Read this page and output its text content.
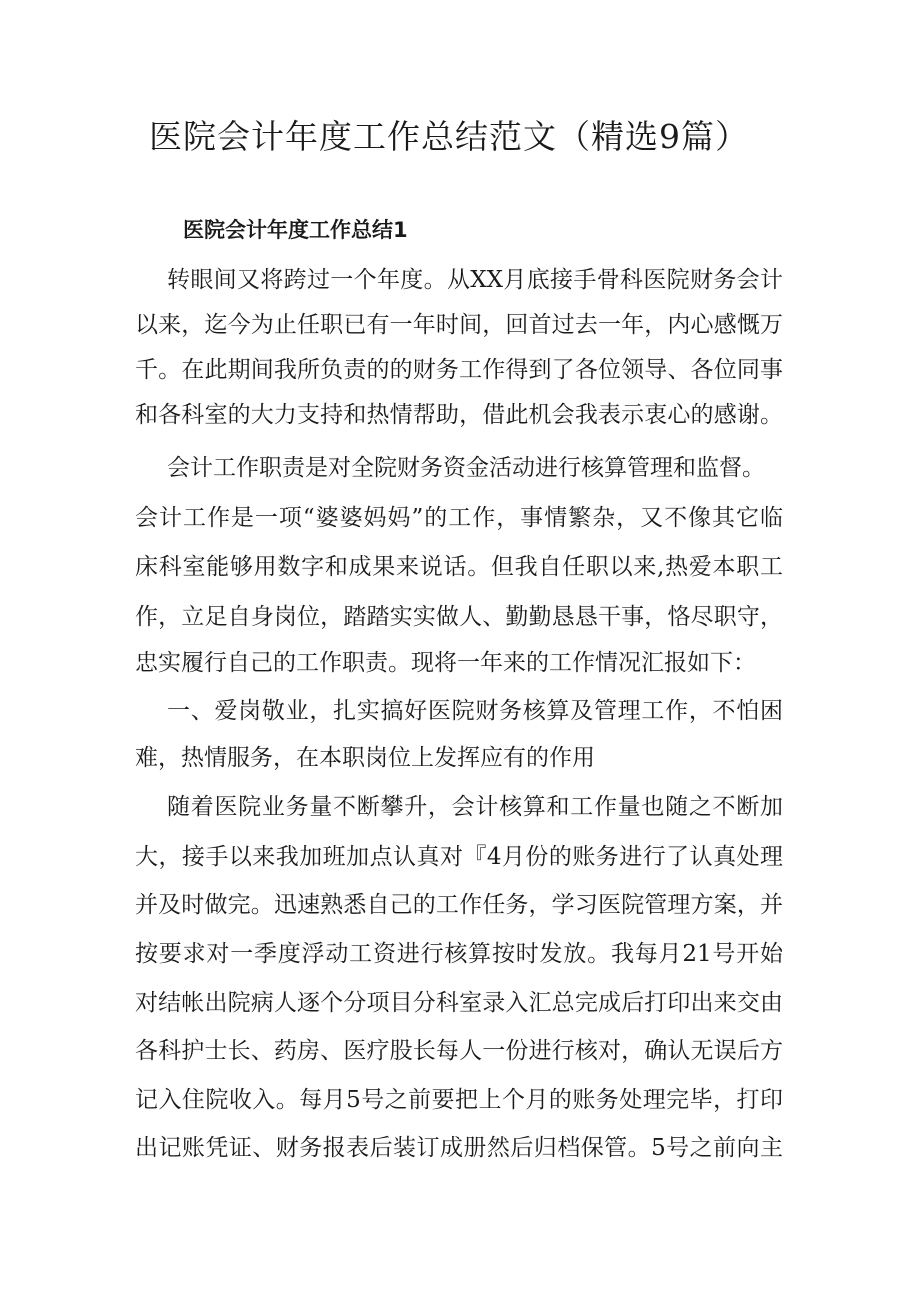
医院会计年度工作总结范文（精选9篇）
医院会计年度工作总结1

转眼间又将跨过一个年度。从XX月底接手骨科医院财务会计

以来，迄今为止任职已有一年时间，回首过去一年，内心感慨万

千。在此期间我所负责的的财务工作得到了各位领导、各位同事

和各科室的大力支持和热情帮助，借此机会我表示衷心的感谢。

会计工作职责是对全院财务资金活动进行核算管理和监督。

会计工作是一项“婆婆妈妈”的工作，事情繁杂，又不像其它临

床科室能够用数字和成果来说话。但我自任职以来,热爱本职工

作，立足自身岗位，踏踏实实做人、勤勤恳恳干事，恪尽职守，

忠实履行自己的工作职责。现将一年来的工作情况汇报如下：

一、爱岗敬业，扎实搞好医院财务核算及管理工作，不怕困

难，热情服务，在本职岗位上发挥应有的作用

随着医院业务量不断攀升，会计核算和工作量也随之不断加

大，接手以来我加班加点认真对『4月份的账务进行了认真处理

并及时做完。迅速熟悉自己的工作任务，学习医院管理方案，并

按要求对一季度浮动工资进行核算按时发放。我每月21号开始

对结帐出院病人逐个分项目分科室录入汇总完成后打印出来交由

各科护士长、药房、医疗股长每人一份进行核对，确认无误后方

记入住院收入。每月5号之前要把上个月的账务处理完毕，打印

出记账凭证、财务报表后装订成册然后归档保管。5号之前向主
